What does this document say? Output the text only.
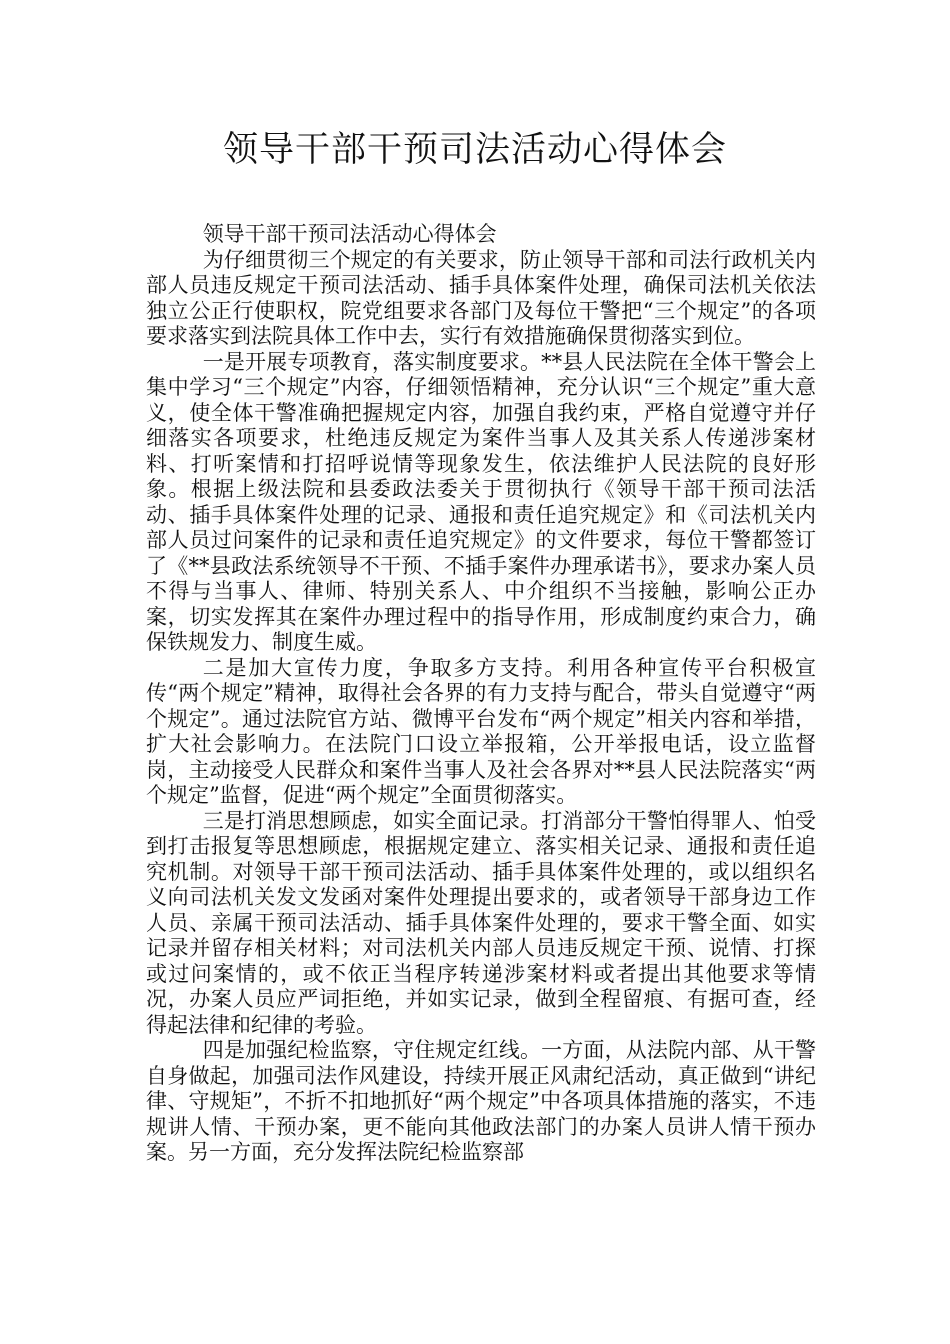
领导干部干预司法活动心得体会

领导干部干预司法活动心得体会

为仔细贯彻三个规定的有关要求，防止领导干部和司法行政机关内部人员违反规定干预司法活动、插手具体案件处理，确保司法机关依法独立公正行使职权，院党组要求各部门及每位干警把“三个规定”的各项要求落实到法院具体工作中去，实行有效措施确保贯彻落实到位。

一是开展专项教育，落实制度要求。**县人民法院在全体干警会上集中学习“三个规定”内容，仔细领悟精神，充分认识“三个规定”重大意义，使全体干警准确把握规定内容，加强自我约束，严格自觉遵守并仔细落实各项要求，杜绝违反规定为案件当事人及其关系人传递涉案材料、打听案情和打招呼说情等现象发生，依法维护人民法院的良好形象。根据上级法院和县委政法委关于贯彻执行《领导干部干预司法活动、插手具体案件处理的记录、通报和责任追究规定》和《司法机关内部人员过问案件的记录和责任追究规定》的文件要求，每位干警都签订了《**县政法系统领导不干预、不插手案件办理承诺书》，要求办案人员不得与当事人、律师、特别关系人、中介组织不当接触，影响公正办案，切实发挥其在案件办理过程中的指导作用，形成制度约束合力，确保铁规发力、制度生威。

二是加大宣传力度，争取多方支持。利用各种宣传平台积极宣传“两个规定”精神，取得社会各界的有力支持与配合，带头自觉遵守“两个规定”。通过法院官方站、微博平台发布“两个规定”相关内容和举措，扩大社会影响力。在法院门口设立举报箱，公开举报电话，设立监督岗，主动接受人民群众和案件当事人及社会各界对**县人民法院落实“两个规定”监督，促进“两个规定”全面贯彻落实。

三是打消思想顾虑，如实全面记录。打消部分干警怕得罪人、怕受到打击报复等思想顾虑，根据规定建立、落实相关记录、通报和责任追究机制。对领导干部干预司法活动、插手具体案件处理的，或以组织名义向司法机关发文发函对案件处理提出要求的，或者领导干部身边工作人员、亲属干预司法活动、插手具体案件处理的，要求干警全面、如实记录并留存相关材料；对司法机关内部人员违反规定干预、说情、打探或过问案情的，或不依正当程序转递涉案材料或者提出其他要求等情况，办案人员应严词拒绝，并如实记录，做到全程留痕、有据可查，经得起法律和纪律的考验。

四是加强纪检监察，守住规定红线。一方面，从法院内部、从干警自身做起，加强司法作风建设，持续开展正风肃纪活动，真正做到“讲纪律、守规矩”，不折不扣地抓好“两个规定”中各项具体措施的落实，不违规讲人情、干预办案，更不能向其他政法部门的办案人员讲人情干预办案。另一方面，充分发挥法院纪检监察部
